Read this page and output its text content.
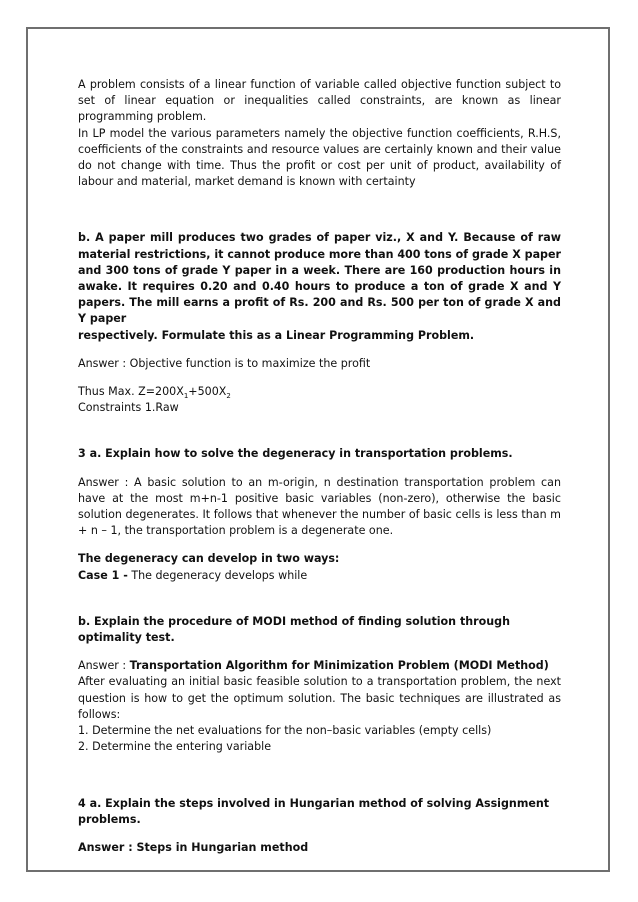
A problem consists of a linear function of variable called objective function subject to set of linear equation or inequalities called constraints, are known as linear programming problem.

In LP model the various parameters namely the objective function coefficients, R.H.S, coefficients of the constraints and resource values are certainly known and their value do not change with time. Thus the profit or cost per unit of product, availability of labour and material, market demand is known with certainty

b. A paper mill produces two grades of paper viz., X and Y. Because of raw material restrictions, it cannot produce more than 400 tons of grade X paper and 300 tons of grade Y paper in a week. There are 160 production hours in awake. It requires 0.20 and 0.40 hours to produce a ton of grade X and Y papers. The mill earns a profit of Rs. 200 and Rs. 500 per ton of grade X and Y paper

respectively. Formulate this as a Linear Programming Problem.

Answer : Objective function is to maximize the profit

Thus Max. $Z=200X_1+500X_2$

Constraints 1.Raw

3 a. Explain how to solve the degeneracy in transportation problems.

Answer : A basic solution to an m-origin, n destination transportation problem can have at the most m+n-1 positive basic variables (non-zero), otherwise the basic solution degenerates. It follows that whenever the number of basic cells is less than m + n – 1, the transportation problem is a degenerate one.

The degeneracy can develop in two ways:

Case 1 - The degeneracy develops while

b. Explain the procedure of MODI method of finding solution through optimality test.

Answer : Transportation Algorithm for Minimization Problem (MODI Method)

After evaluating an initial basic feasible solution to a transportation problem, the next question is how to get the optimum solution. The basic techniques are illustrated as follows:

1. Determine the net evaluations for the non–basic variables (empty cells)

2. Determine the entering variable

4 a. Explain the steps involved in Hungarian method of solving Assignment problems.

Answer : Steps in Hungarian method
